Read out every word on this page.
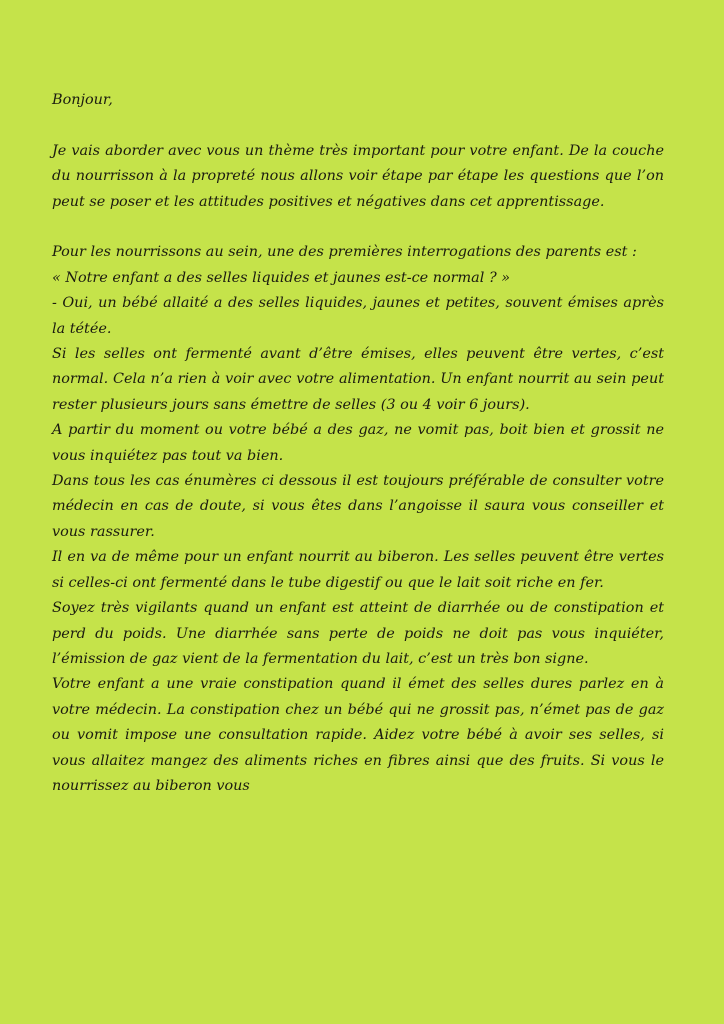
Bonjour,

Je vais aborder avec vous un thème très important pour votre enfant. De la couche du nourrisson à la propreté nous allons voir étape par étape les questions que l’on peut se poser et les attitudes positives et négatives dans cet apprentissage.

Pour les nourrissons au sein, une des premières interrogations des parents est :

« Notre enfant a des selles liquides et jaunes est-ce normal ? »

- Oui, un bébé allaité a des selles liquides, jaunes et petites, souvent émises après la tétée.

Si les selles ont fermenté avant d’être émises, elles peuvent être vertes, c’est normal. Cela n’a rien à voir avec votre alimentation. Un enfant nourrit au sein peut rester plusieurs jours sans émettre de selles (3 ou 4 voir 6 jours).

A partir du moment ou votre bébé a des gaz, ne vomit pas, boit bien et grossit ne vous inquiétez pas tout va bien.

Dans tous les cas énumères ci dessous il est toujours préférable de consulter votre médecin en cas de doute, si vous êtes dans l’angoisse il saura vous conseiller et vous rassurer.

Il en va de même pour un enfant nourrit au biberon. Les selles peuvent être vertes si celles-ci ont fermenté dans le tube digestif ou que le lait soit riche en fer.

Soyez très vigilants quand un enfant est atteint de diarrhée ou de constipation et perd du poids. Une diarrhée sans perte de poids ne doit pas vous inquiéter, l’émission de gaz vient de la fermentation du lait, c’est un très bon signe.

Votre enfant a une vraie constipation quand il émet des selles dures parlez en à votre médecin. La constipation chez un bébé qui ne grossit pas, n’émet pas de gaz ou vomit impose une consultation rapide. Aidez votre bébé à avoir ses selles, si vous allaitez mangez des aliments riches en fibres ainsi que des fruits. Si vous le nourrissez au biberon vous
